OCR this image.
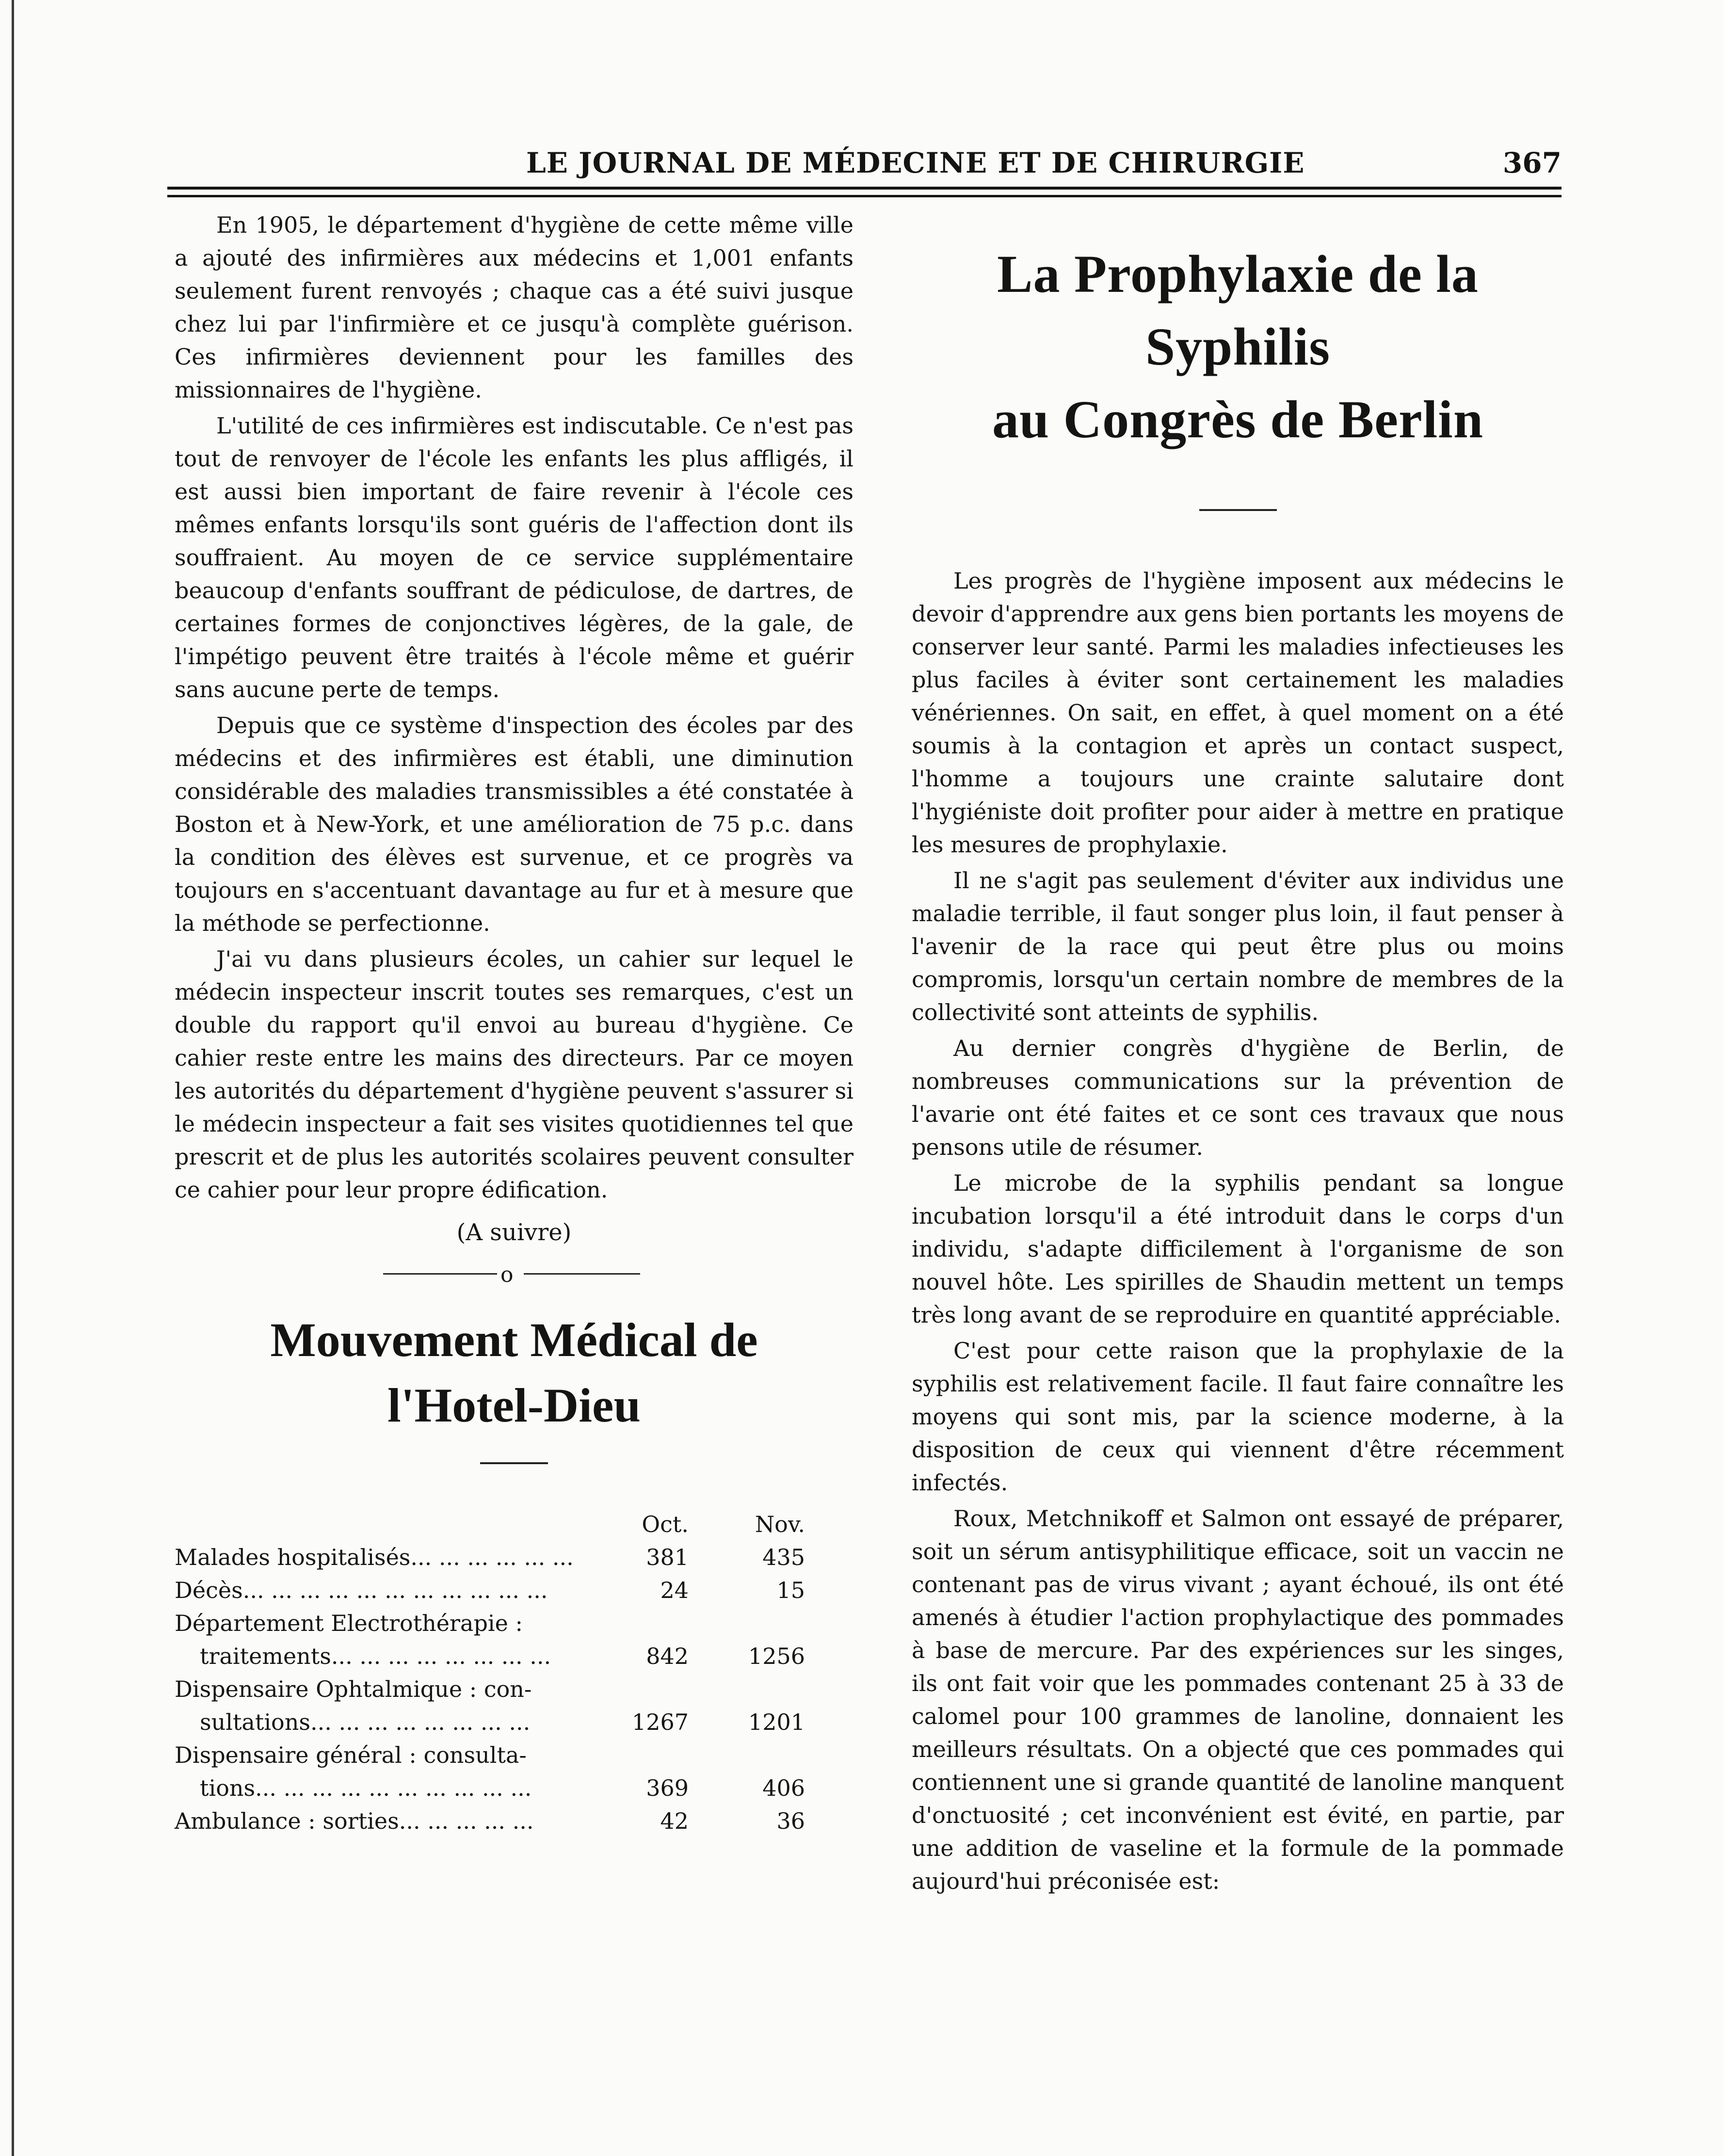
LE JOURNAL DE MÉDECINE ET DE CHIRURGIE	367

En 1905, le département d'hygiène de cette même ville a ajouté des infirmières aux médecins et 1,001 enfants seulement furent renvoyés ; chaque cas a été suivi jusque chez lui par l'infirmière et ce jusqu'à complète guérison. Ces infirmières deviennent pour les familles des missionnaires de l'hygiène.

L'utilité de ces infirmières est indiscutable. Ce n'est pas tout de renvoyer de l'école les enfants les plus affligés, il est aussi bien important de faire revenir à l'école ces mêmes enfants lorsqu'ils sont guéris de l'affection dont ils souffraient. Au moyen de ce service supplémentaire beaucoup d'enfants souffrant de pédiculose, de dartres, de certaines formes de conjonctives légères, de la gale, de l'impétigo peuvent être traités à l'école même et guérir sans aucune perte de temps.

Depuis que ce système d'inspection des écoles par des médecins et des infirmières est établi, une diminution considérable des maladies transmissibles a été constatée à Boston et à New-York, et une amélioration de 75 p.c. dans la condition des élèves est survenue, et ce progrès va toujours en s'accentuant davantage au fur et à mesure que la méthode se perfectionne.

J'ai vu dans plusieurs écoles, un cahier sur lequel le médecin inspecteur inscrit toutes ses remarques, c'est un double du rapport qu'il envoi au bureau d'hygiène. Ce cahier reste entre les mains des directeurs. Par ce moyen les autorités du département d'hygiène peuvent s'assurer si le médecin inspecteur a fait ses visites quotidiennes tel que prescrit et de plus les autorités scolaires peuvent consulter ce cahier pour leur propre édification.

(A suivre)
o
Mouvement Médical de
l'Hotel-Dieu
Oct.	Nov.
Malades hospitalisés... ... ... ... ... ...	381	435
Décès... ... ... ... ... ... ... ... ... ... ...	24	15
Département Electrothérapie :
traitements... ... ... ... ... ... ... ...	842	1256
Dispensaire Ophtalmique : con-
sultations... ... ... ... ... ... ... ...	1267	1201
Dispensaire général : consulta-
tions... ... ... ... ... ... ... ... ... ...	369	406
Ambulance : sorties... ... ... ... ...	42	36
La Prophylaxie de la Syphilis
au Congrès de Berlin

Les progrès de l'hygiène imposent aux médecins le devoir d'apprendre aux gens bien portants les moyens de conserver leur santé. Parmi les maladies infectieuses les plus faciles à éviter sont certainement les maladies vénériennes. On sait, en effet, à quel moment on a été soumis à la contagion et après un contact suspect, l'homme a toujours une crainte salutaire dont l'hygiéniste doit profiter pour aider à mettre en pratique les mesures de prophylaxie.

Il ne s'agit pas seulement d'éviter aux individus une maladie terrible, il faut songer plus loin, il faut penser à l'avenir de la race qui peut être plus ou moins compromis, lorsqu'un certain nombre de membres de la collectivité sont atteints de syphilis.

Au dernier congrès d'hygiène de Berlin, de nombreuses communications sur la prévention de l'avarie ont été faites et ce sont ces travaux que nous pensons utile de résumer.

Le microbe de la syphilis pendant sa longue incubation lorsqu'il a été introduit dans le corps d'un individu, s'adapte difficilement à l'organisme de son nouvel hôte. Les spirilles de Shaudin mettent un temps très long avant de se reproduire en quantité appréciable.

C'est pour cette raison que la prophylaxie de la syphilis est relativement facile. Il faut faire connaître les moyens qui sont mis, par la science moderne, à la disposition de ceux qui viennent d'être récemment infectés.

Roux, Metchnikoff et Salmon ont essayé de préparer, soit un sérum antisyphilitique efficace, soit un vaccin ne contenant pas de virus vivant ; ayant échoué, ils ont été amenés à étudier l'action prophylactique des pommades à base de mercure. Par des expériences sur les singes, ils ont fait voir que les pommades contenant 25 à 33 de calomel pour 100 grammes de lanoline, donnaient les meilleurs résultats. On a objecté que ces pommades qui contiennent une si grande quantité de lanoline manquent d'onctuosité ; cet inconvénient est évité, en partie, par une addition de vaseline et la formule de la pommade aujourd'hui préconisée est:
